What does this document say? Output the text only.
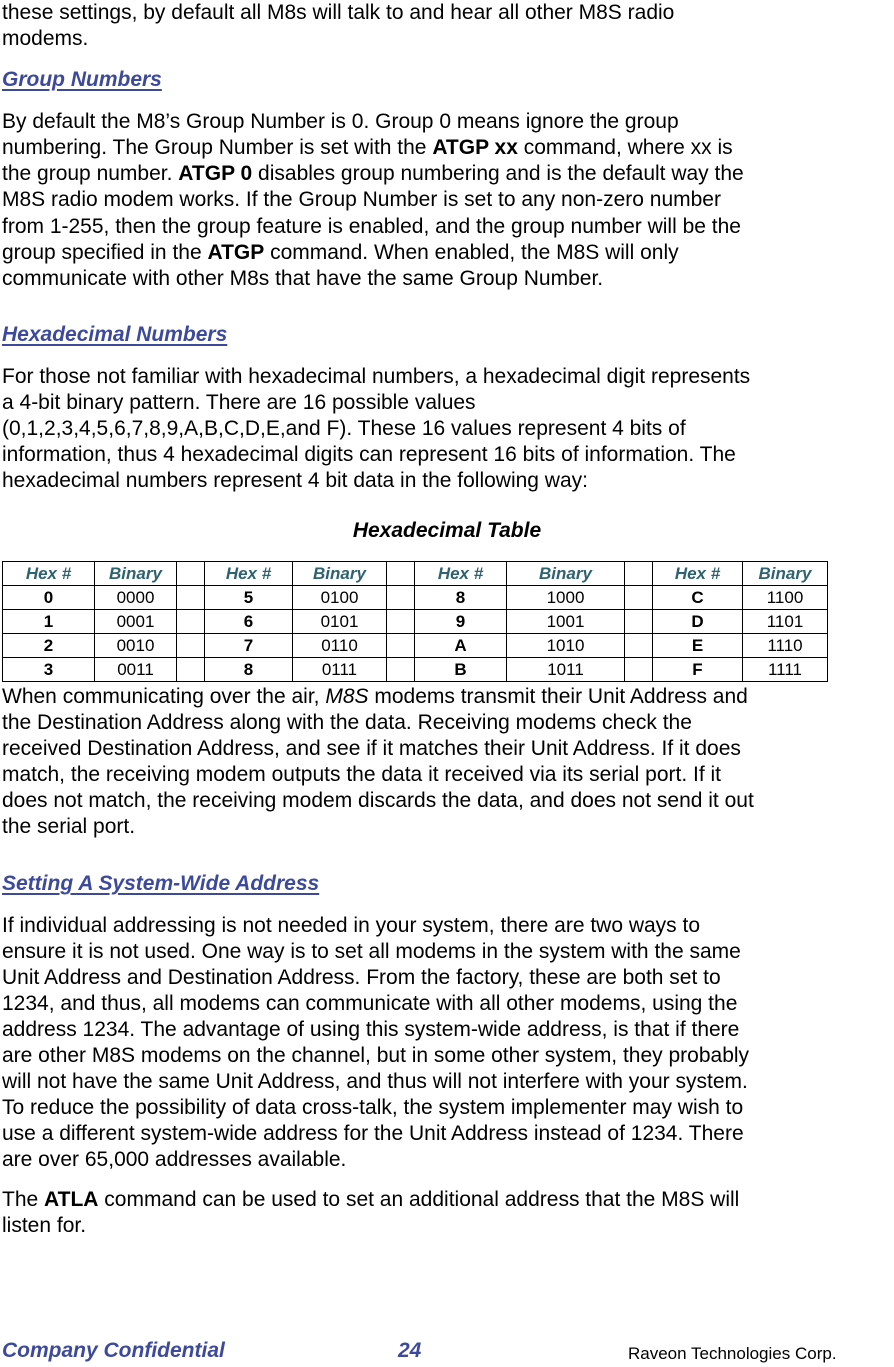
these settings, by default all M8s will talk to and hear all other M8S radio

modems.

Group Numbers

By default the M8’s Group Number is 0. Group 0 means ignore the group

numbering. The Group Number is set with the ATGP xx command, where xx is

the group number. ATGP 0 disables group numbering and is the default way the

M8S radio modem works. If the Group Number is set to any non-zero number

from 1-255, then the group feature is enabled, and the group number will be the

group specified in the ATGP command. When enabled, the M8S will only

communicate with other M8s that have the same Group Number.

Hexadecimal Numbers

For those not familiar with hexadecimal numbers, a hexadecimal digit represents

a 4-bit binary pattern. There are 16 possible values

(0,1,2,3,4,5,6,7,8,9,A,B,C,D,E,and F). These 16 values represent 4 bits of

information, thus 4 hexadecimal digits can represent 16 bits of information. The

hexadecimal numbers represent 4 bit data in the following way:

Hexadecimal Table
Hex #	Binary		Hex #	Binary		Hex #	Binary		Hex #	Binary
0	0000		5	0100		8	1000		C	1100
1	0001		6	0101		9	1001		D	1101
2	0010		7	0110		A	1010		E	1110
3	0011		8	0111		B	1011		F	1111

When communicating over the air, M8S modems transmit their Unit Address and

the Destination Address along with the data. Receiving modems check the

received Destination Address, and see if it matches their Unit Address. If it does

match, the receiving modem outputs the data it received via its serial port. If it

does not match, the receiving modem discards the data, and does not send it out

the serial port.

Setting A System-Wide Address

If individual addressing is not needed in your system, there are two ways to

ensure it is not used. One way is to set all modems in the system with the same

Unit Address and Destination Address. From the factory, these are both set to

1234, and thus, all modems can communicate with all other modems, using the

address 1234. The advantage of using this system-wide address, is that if there

are other M8S modems on the channel, but in some other system, they probably

will not have the same Unit Address, and thus will not interfere with your system.

To reduce the possibility of data cross-talk, the system implementer may wish to

use a different system-wide address for the Unit Address instead of 1234. There

are over 65,000 addresses available.

The ATLA command can be used to set an additional address that the M8S will

listen for.

Company Confidential	24	Raveon Technologies Corp.
